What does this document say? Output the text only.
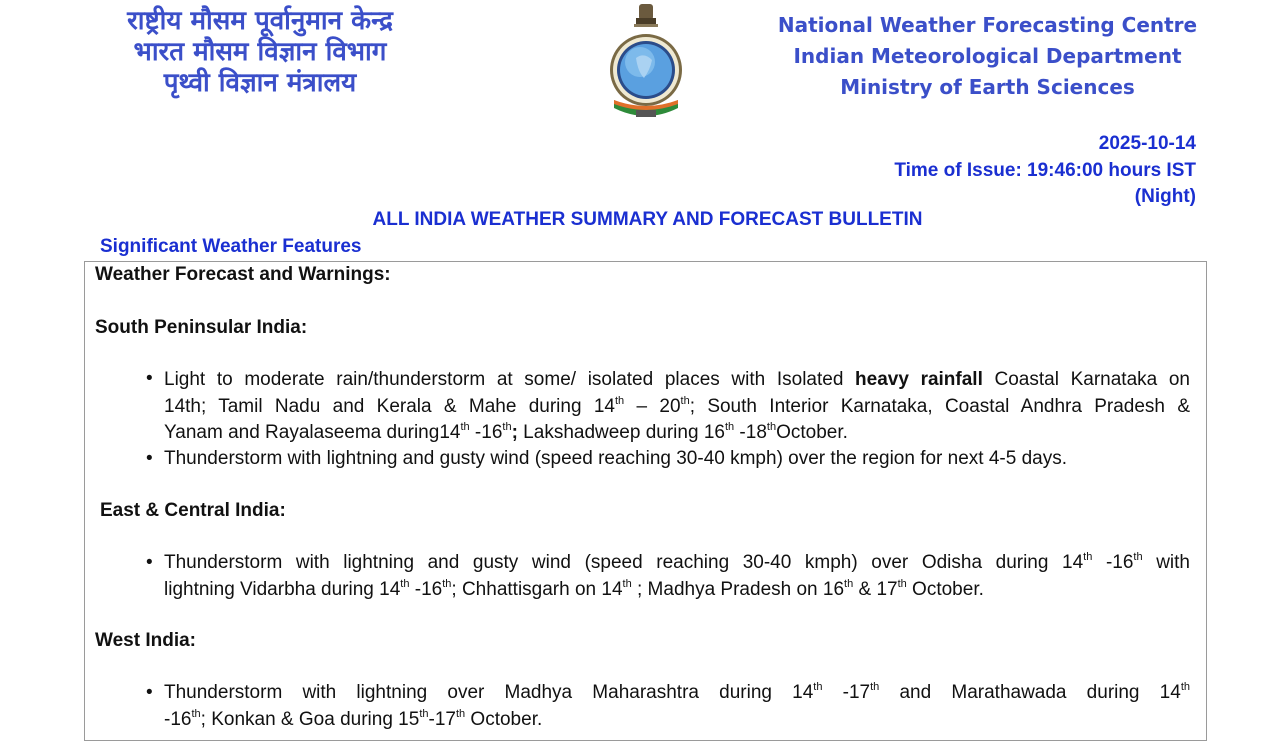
राष्ट्रीय मौसम पूर्वानुमान केन्द्र
भारत मौसम विज्ञान विभाग
पृथ्वी विज्ञान मंत्रालय
National Weather Forecasting Centre
Indian Meteorological Department
Ministry of Earth Sciences
2025-10-14
Time of Issue: 19:46:00 hours IST
(Night)
ALL INDIA WEATHER SUMMARY AND FORECAST BULLETIN
Significant Weather Features
Weather Forecast and Warnings:
South Peninsular India:
• Light to moderate rain/thunderstorm at some/ isolated places with Isolated heavy rainfall Coastal Karnataka on
14th; Tamil Nadu and Kerala & Mahe during 14th – 20th; South Interior Karnataka, Coastal Andhra Pradesh &
Yanam and Rayalaseema during14th -16th; Lakshadweep during 16th -18thOctober.
• Thunderstorm with lightning and gusty wind (speed reaching 30-40 kmph) over the region for next 4-5 days.
East & Central India:
• Thunderstorm with lightning and gusty wind (speed reaching 30-40 kmph) over Odisha during 14th -16th with
lightning Vidarbha during 14th -16th; Chhattisgarh on 14th ; Madhya Pradesh on 16th & 17th October.
West India:
• Thunderstorm with lightning over Madhya Maharashtra during 14th -17th and Marathawada during 14th
-16th; Konkan & Goa during 15th-17th October.
